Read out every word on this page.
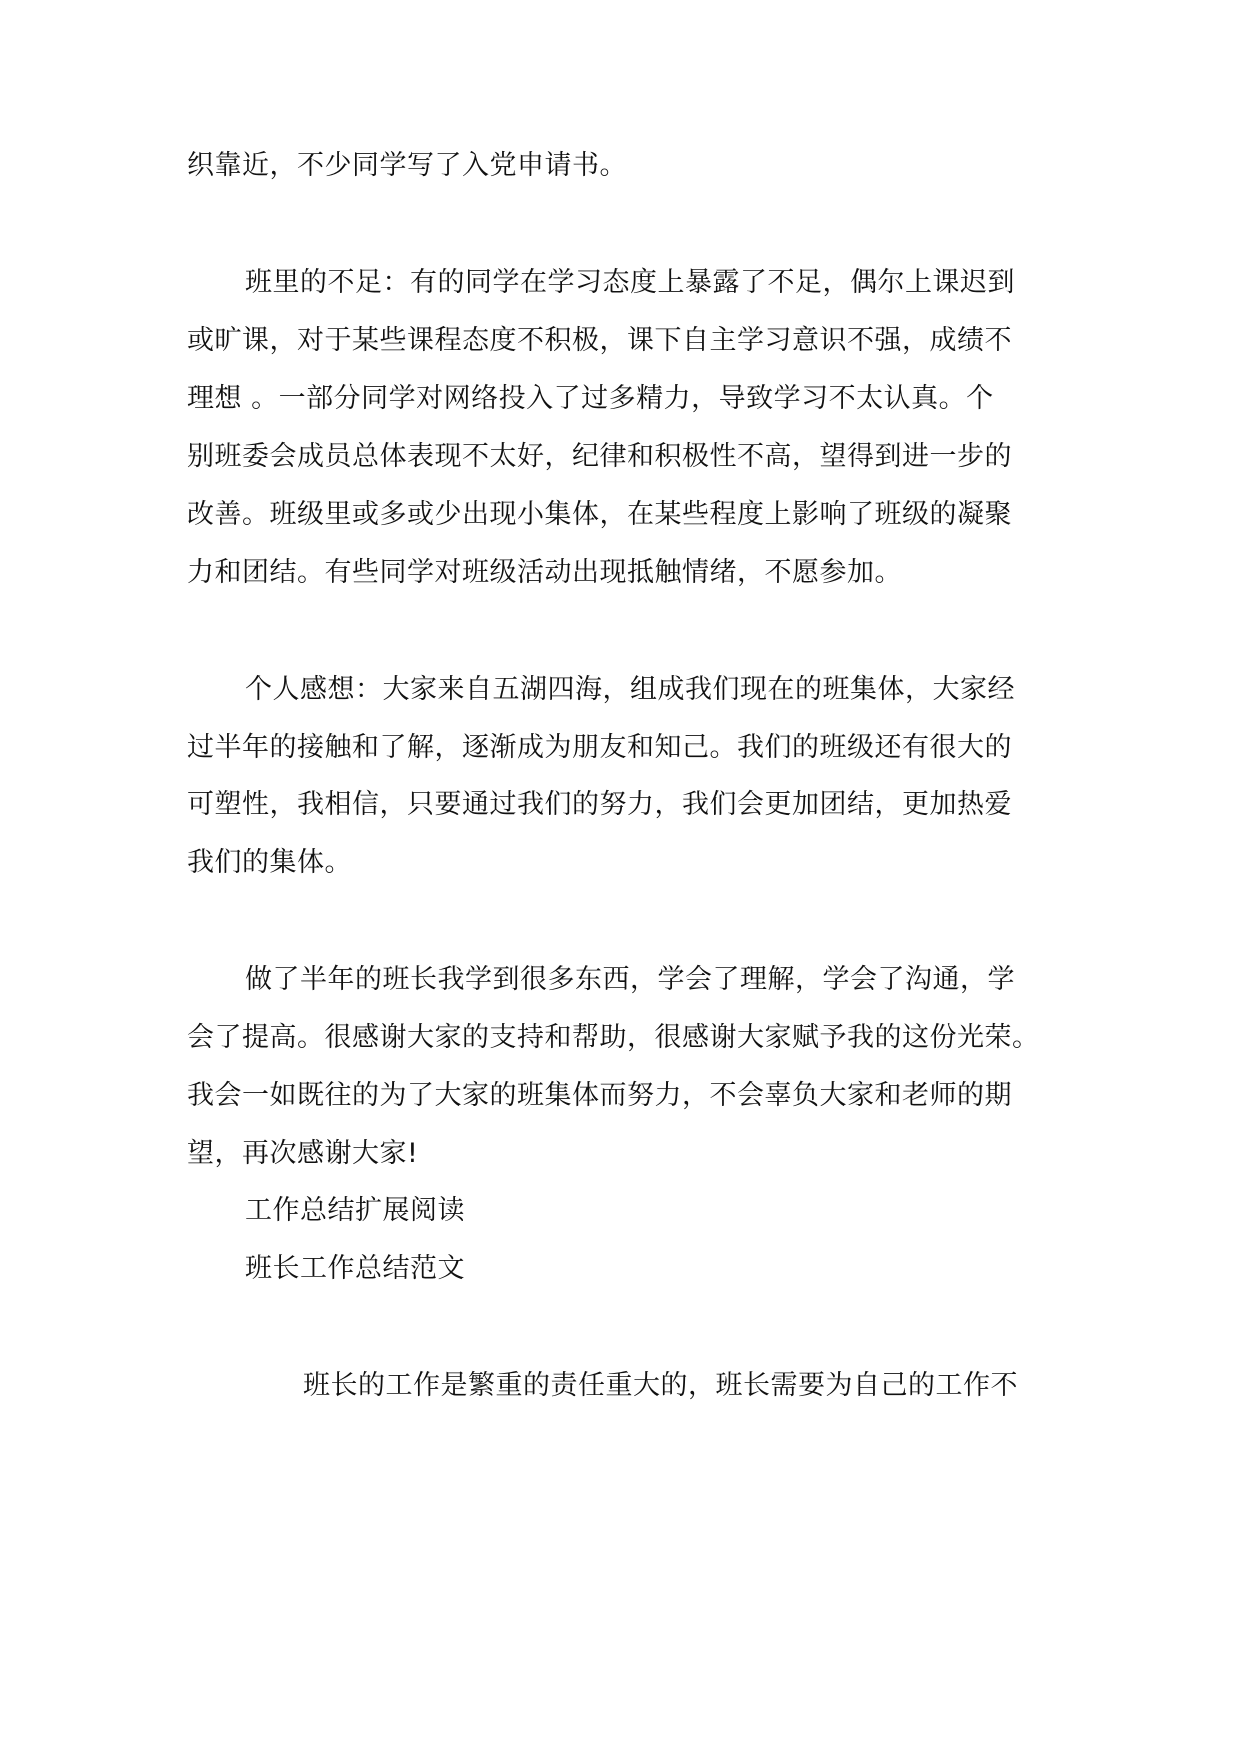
织靠近，不少同学写了入党申请书。
班里的不足：有的同学在学习态度上暴露了不足，偶尔上课迟到
或旷课，对于某些课程态度不积极，课下自主学习意识不强，成绩不
理想 。一部分同学对网络投入了过多精力，导致学习不太认真。个
别班委会成员总体表现不太好，纪律和积极性不高，望得到进一步的
改善。班级里或多或少出现小集体，在某些程度上影响了班级的凝聚
力和团结。有些同学对班级活动出现抵触情绪，不愿参加。
个人感想：大家来自五湖四海，组成我们现在的班集体，大家经
过半年的接触和了解，逐渐成为朋友和知己。我们的班级还有很大的
可塑性，我相信，只要通过我们的努力，我们会更加团结，更加热爱
我们的集体。
做了半年的班长我学到很多东西，学会了理解，学会了沟通，学
会了提高。很感谢大家的支持和帮助，很感谢大家赋予我的这份光荣。
我会一如既往的为了大家的班集体而努力，不会辜负大家和老师的期
望，再次感谢大家!
工作总结扩展阅读
班长工作总结范文
班长的工作是繁重的责任重大的，班长需要为自己的工作不
